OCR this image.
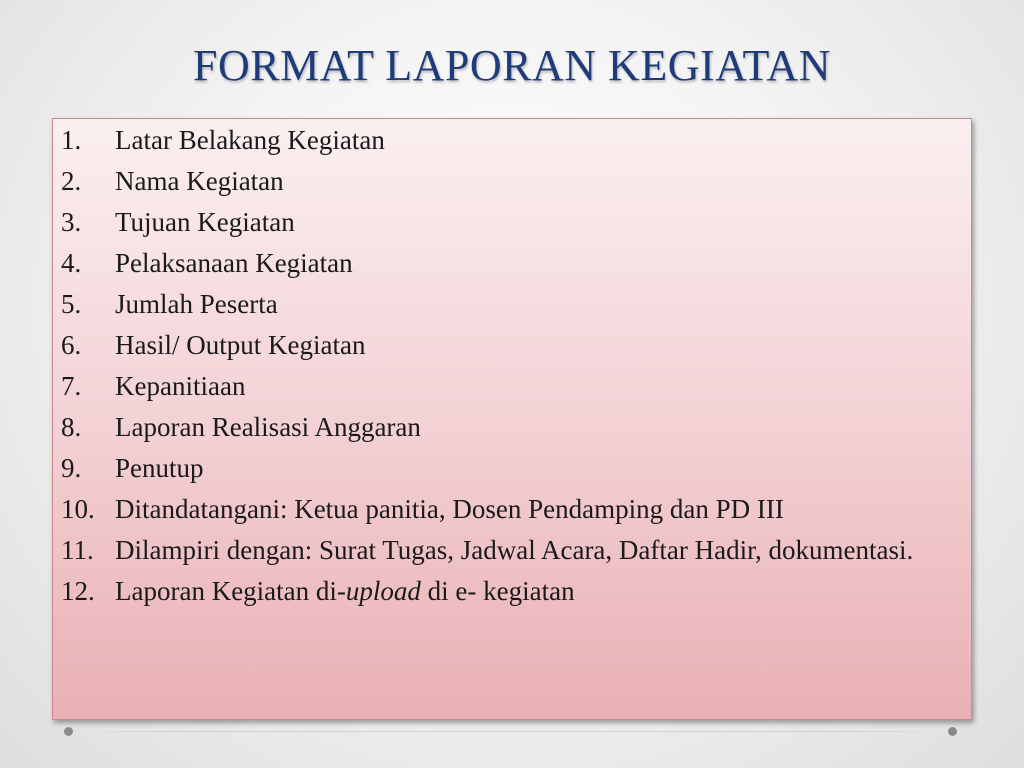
FORMAT LAPORAN KEGIATAN
1.	Latar Belakang Kegiatan
2.	Nama Kegiatan
3.	Tujuan Kegiatan
4.	Pelaksanaan Kegiatan
5.	Jumlah Peserta
6.	Hasil/ Output Kegiatan
7.	Kepanitiaan
8.	Laporan Realisasi Anggaran
9.	Penutup
10. Ditandatangani: Ketua panitia, Dosen Pendamping dan PD III
11. Dilampiri dengan: Surat Tugas, Jadwal Acara, Daftar Hadir, dokumentasi.
12. Laporan Kegiatan di-upload di e- kegiatan
